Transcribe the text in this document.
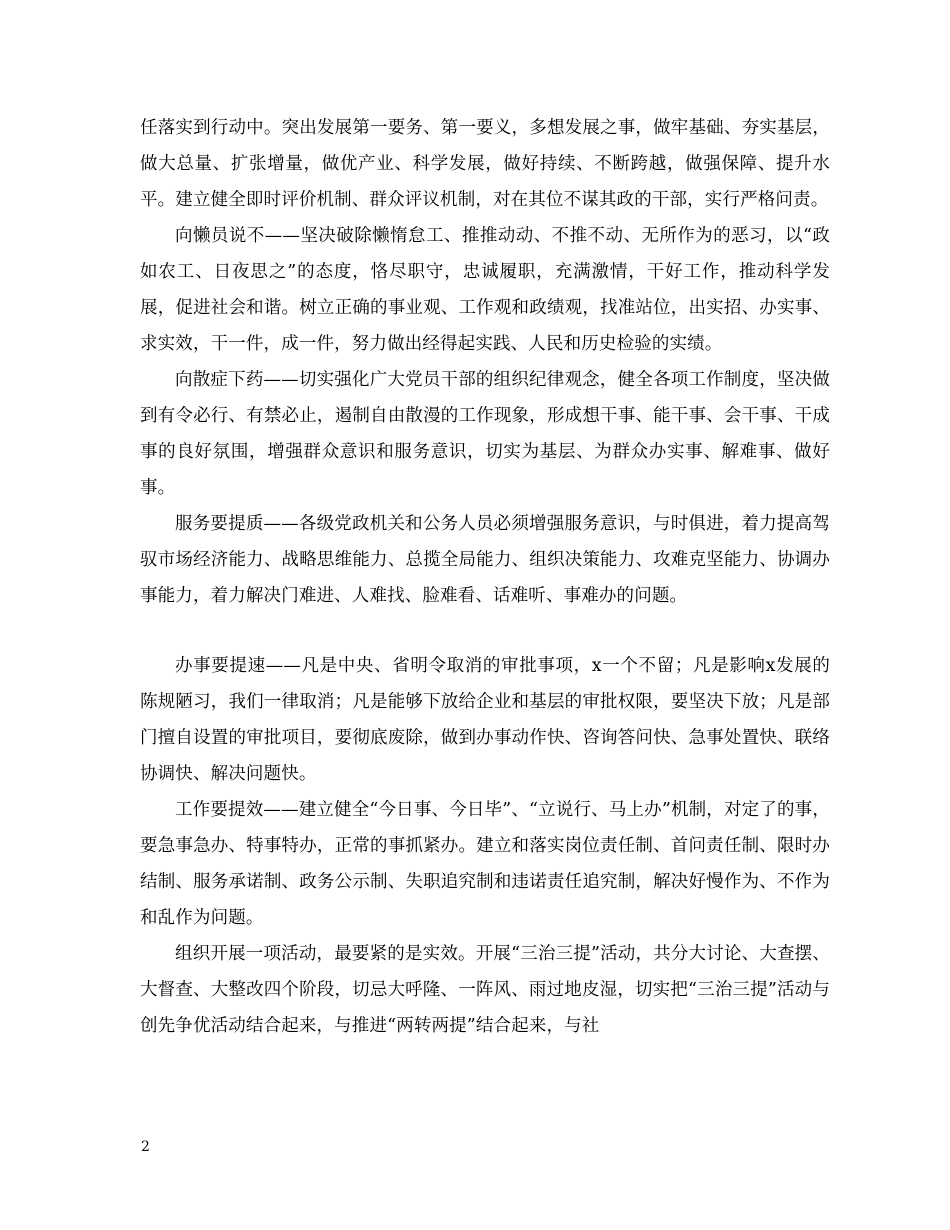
任落实到行动中。突出发展第一要务、第一要义，多想发展之事，做牢基础、夯实基层，做大总量、扩张增量，做优产业、科学发展，做好持续、不断跨越，做强保障、提升水平。建立健全即时评价机制、群众评议机制，对在其位不谋其政的干部，实行严格问责。

向懒员说不——坚决破除懒惰怠工、推推动动、不推不动、无所作为的恶习，以“政如农工、日夜思之”的态度，恪尽职守，忠诚履职，充满激情，干好工作，推动科学发展，促进社会和谐。树立正确的事业观、工作观和政绩观，找准站位，出实招、办实事、求实效，干一件，成一件，努力做出经得起实践、人民和历史检验的实绩。

向散症下药——切实强化广大党员干部的组织纪律观念，健全各项工作制度，坚决做到有令必行、有禁必止，遏制自由散漫的工作现象，形成想干事、能干事、会干事、干成事的良好氛围，增强群众意识和服务意识，切实为基层、为群众办实事、解难事、做好事。

服务要提质——各级党政机关和公务人员必须增强服务意识，与时俱进，着力提高驾驭市场经济能力、战略思维能力、总揽全局能力、组织决策能力、攻难克坚能力、协调办事能力，着力解决门难进、人难找、脸难看、话难听、事难办的问题。

办事要提速——凡是中央、省明令取消的审批事项，x一个不留；凡是影响x发展的陈规陋习，我们一律取消；凡是能够下放给企业和基层的审批权限，要坚决下放；凡是部门擅自设置的审批项目，要彻底废除，做到办事动作快、咨询答问快、急事处置快、联络协调快、解决问题快。

工作要提效——建立健全“今日事、今日毕”、“立说行、马上办”机制，对定了的事，要急事急办、特事特办，正常的事抓紧办。建立和落实岗位责任制、首问责任制、限时办结制、服务承诺制、政务公示制、失职追究制和违诺责任追究制，解决好慢作为、不作为和乱作为问题。

组织开展一项活动，最要紧的是实效。开展“三治三提”活动，共分大讨论、大查摆、大督查、大整改四个阶段，切忌大呼隆、一阵风、雨过地皮湿，切实把“三治三提”活动与创先争优活动结合起来，与推进“两转两提”结合起来，与社

2
